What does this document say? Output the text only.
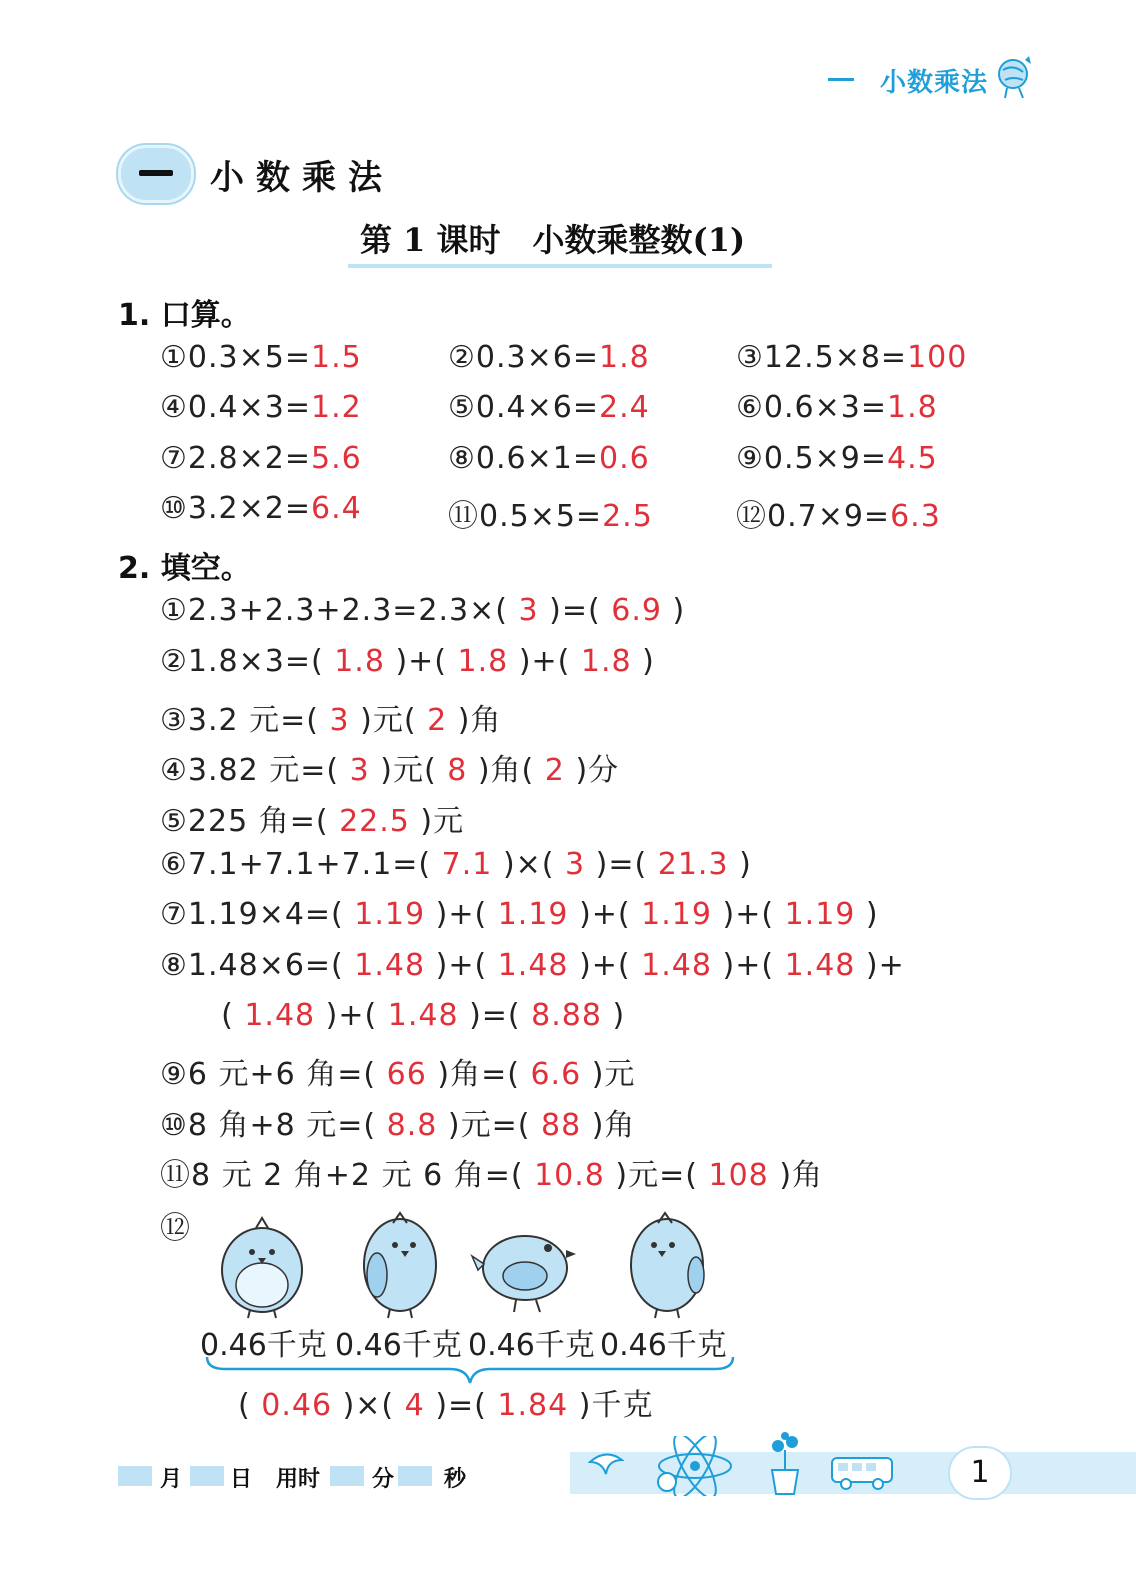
小数乘法
小数乘法
第 1 课时　小数乘整数(1)
1. 口算。
2. 填空。
⑫
( 0.46 )×( 4 )=( 1.84 )千克
月 日 用时 分 秒	1
①0.3×5=1.5	②0.3×6=1.8	③12.5×8=100
④0.4×3=1.2	⑤0.4×6=2.4	⑥0.6×3=1.8
⑦2.8×2=5.6	⑧0.6×1=0.6	⑨0.5×9=4.5
⑩3.2×2=6.4	⑪0.5×5=2.5	⑫0.7×9=6.3
①2.3+2.3+2.3=2.3×( 3 )=( 6.9 )
②1.8×3=( 1.8 )+( 1.8 )+( 1.8 )
③3.2 元=( 3 )元( 2 )角
④3.82 元=( 3 )元( 8 )角( 2 )分
⑤225 角=( 22.5 )元
⑥7.1+7.1+7.1=( 7.1 )×( 3 )=( 21.3 )
⑦1.19×4=( 1.19 )+( 1.19 )+( 1.19 )+( 1.19 )
⑧1.48×6=( 1.48 )+( 1.48 )+( 1.48 )+( 1.48 )+
( 1.48 )+( 1.48 )=( 8.88 )
⑨6 元+6 角=( 66 )角=( 6.6 )元
⑩8 角+8 元=( 8.8 )元=( 88 )角
⑪8 元 2 角+2 元 6 角=( 10.8 )元=( 108 )角
0.46千克 0.46千克 0.46千克 0.46千克
